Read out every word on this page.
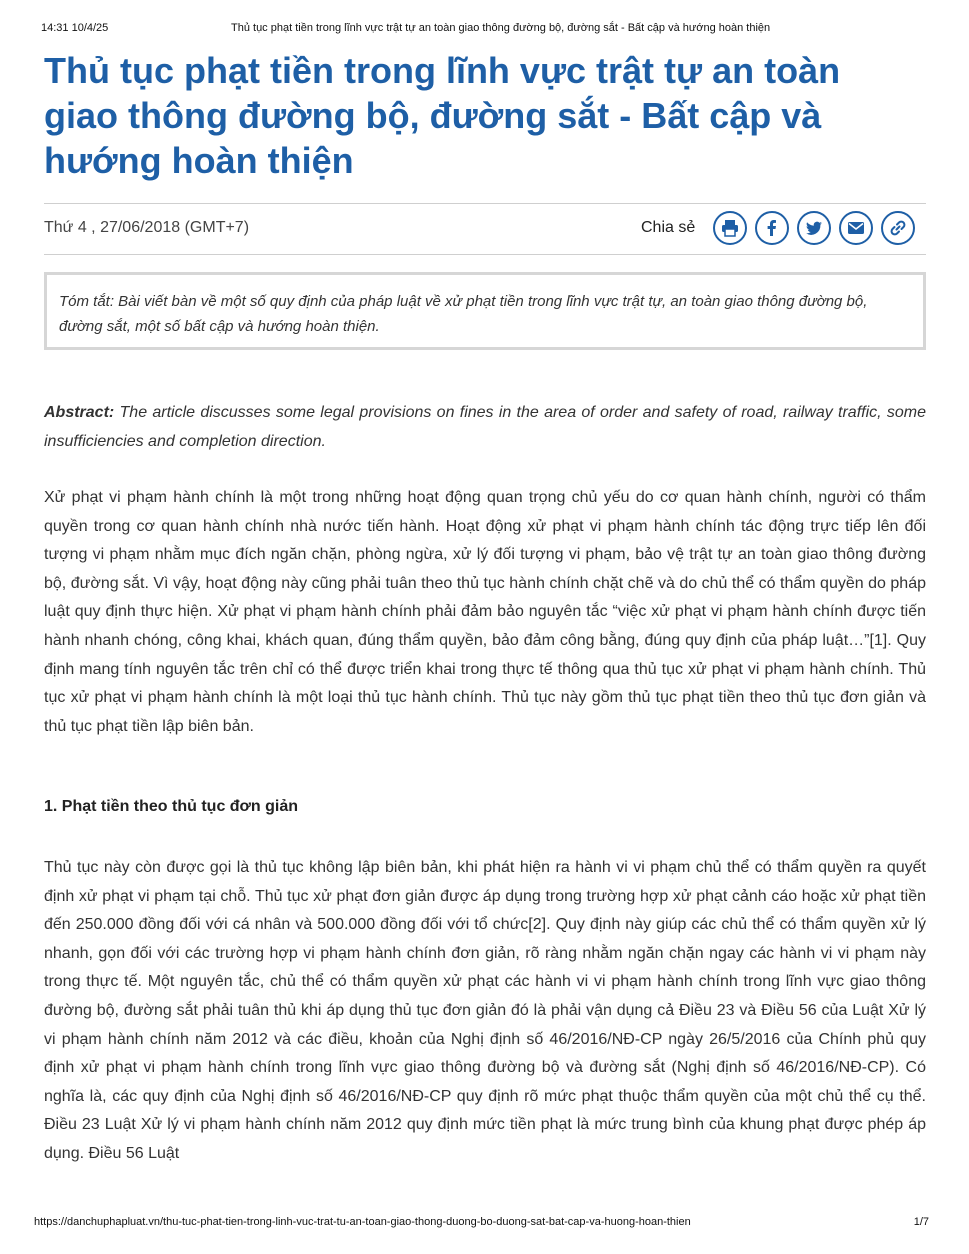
14:31 10/4/25	Thủ tục phạt tiền trong lĩnh vực trật tự an toàn giao thông đường bộ, đường sắt - Bất cập và hướng hoàn thiện
Thủ tục phạt tiền trong lĩnh vực trật tự an toàn giao thông đường bộ, đường sắt - Bất cập và hướng hoàn thiện
Thứ 4 , 27/06/2018 (GMT+7)	Chia sẻ
Tóm tắt: Bài viết bàn về một số quy định của pháp luật về xử phạt tiền trong lĩnh vực trật tự, an toàn giao thông đường bộ, đường sắt, một số bất cập và hướng hoàn thiện.

Abstract: The article discusses some legal provisions on fines in the area of order and safety of road, railway traffic, some insufficiencies and completion direction.

Xử phạt vi phạm hành chính là một trong những hoạt động quan trọng chủ yếu do cơ quan hành chính, người có thẩm quyền trong cơ quan hành chính nhà nước tiến hành. Hoạt động xử phạt vi phạm hành chính tác động trực tiếp lên đối tượng vi phạm nhằm mục đích ngăn chặn, phòng ngừa, xử lý đối tượng vi phạm, bảo vệ trật tự an toàn giao thông đường bộ, đường sắt. Vì vậy, hoạt động này cũng phải tuân theo thủ tục hành chính chặt chẽ và do chủ thể có thẩm quyền do pháp luật quy định thực hiện. Xử phạt vi phạm hành chính phải đảm bảo nguyên tắc “việc xử phạt vi phạm hành chính được tiến hành nhanh chóng, công khai, khách quan, đúng thẩm quyền, bảo đảm công bằng, đúng quy định của pháp luật…”[1]. Quy định mang tính nguyên tắc trên chỉ có thể được triển khai trong thực tế thông qua thủ tục xử phạt vi phạm hành chính. Thủ tục xử phạt vi phạm hành chính là một loại thủ tục hành chính. Thủ tục này gồm thủ tục phạt tiền theo thủ tục đơn giản và thủ tục phạt tiền lập biên bản.

1. Phạt tiền theo thủ tục đơn giản

Thủ tục này còn được gọi là thủ tục không lập biên bản, khi phát hiện ra hành vi vi phạm chủ thể có thẩm quyền ra quyết định xử phạt vi phạm tại chỗ. Thủ tục xử phạt đơn giản được áp dụng trong trường hợp xử phạt cảnh cáo hoặc xử phạt tiền đến 250.000 đồng đối với cá nhân và 500.000 đồng đối với tổ chức[2]. Quy định này giúp các chủ thể có thẩm quyền xử lý nhanh, gọn đối với các trường hợp vi phạm hành chính đơn giản, rõ ràng nhằm ngăn chặn ngay các hành vi vi phạm này trong thực tế. Một nguyên tắc, chủ thể có thẩm quyền xử phạt các hành vi vi phạm hành chính trong lĩnh vực giao thông đường bộ, đường sắt phải tuân thủ khi áp dụng thủ tục đơn giản đó là phải vận dụng cả Điều 23 và Điều 56 của Luật Xử lý vi phạm hành chính năm 2012 và các điều, khoản của Nghị định số 46/2016/NĐ-CP ngày 26/5/2016 của Chính phủ quy định xử phạt vi phạm hành chính trong lĩnh vực giao thông đường bộ và đường sắt (Nghị định số 46/2016/NĐ-CP). Có nghĩa là, các quy định của Nghị định số 46/2016/NĐ-CP quy định rõ mức phạt thuộc thẩm quyền của một chủ thể cụ thể. Điều 23 Luật Xử lý vi phạm hành chính năm 2012 quy định mức tiền phạt là mức trung bình của khung phạt được phép áp dụng. Điều 56 Luật

https://danchuphapluat.vn/thu-tuc-phat-tien-trong-linh-vuc-trat-tu-an-toan-giao-thong-duong-bo-duong-sat-bat-cap-va-huong-hoan-thien	1/7
